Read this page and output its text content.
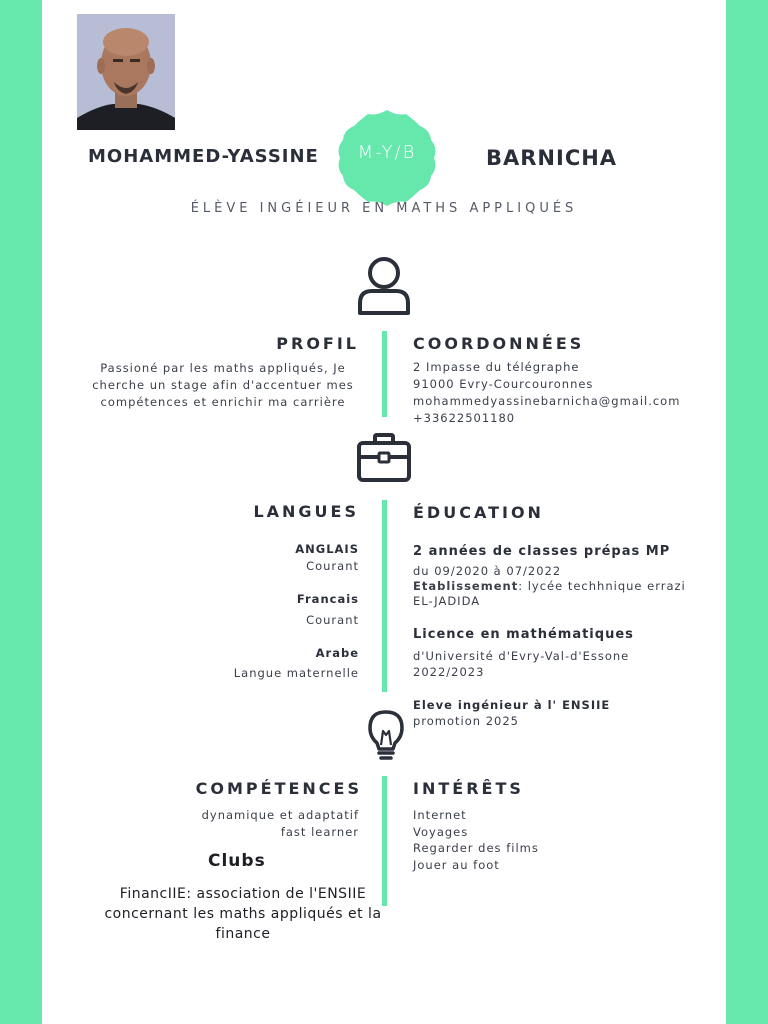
MOHAMMED-YASSINE	M-Y/B	BARNICHA
ÉLÈVE INGÉIEUR EN MATHS APPLIQUÉS
PROFIL
Passioné par les maths appliqués, Je cherche un stage afin d'accentuer mes compétences et enrichir ma carrière
COORDONNÉES
2 Impasse du télégraphe
91000 Evry-Courcouronnes
mohammedyassinebarnicha@gmail.com
+33622501180
LANGUES
ANGLAIS
Courant
Francais
Courant
Arabe
Langue maternelle
ÉDUCATION
2 années de classes prépas MP
du 09/2020 à 07/2022
Etablissement: lycée techhnique errazi
EL-JADIDA
Licence en mathématiques
d'Université d'Evry-Val-d'Essone
2022/2023
Eleve ingénieur à l' ENSIIE
promotion 2025
COMPÉTENCES
dynamique et adaptatif
fast learner
Clubs
FinancIIE: association de l'ENSIIE concernant les maths appliqués et la finance
INTÉRÊTS
Internet
Voyages
Regarder des films
Jouer au foot
